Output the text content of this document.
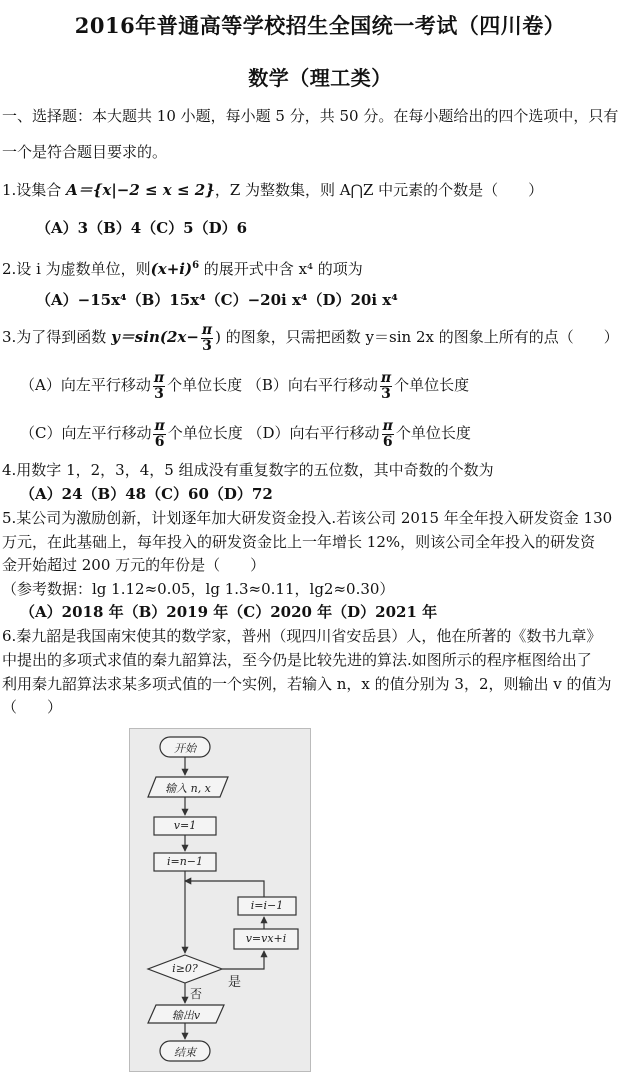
2016年普通高等学校招生全国统一考试（四川卷）
数学（理工类）
一、选择题：本大题共 10 小题，每小题 5 分，共 50 分。在每小题给出的四个选项中，只有
一个是符合题目要求的。
1.设集合 A＝{x|−2 ≤ x ≤ 2}，Z 为整数集，则 A⋂Z 中元素的个数是（　　）
（A）3（B）4（C）5（D）6
2.设 i 为虚数单位，则$(x+i)^6$ 的展开式中含 x⁴ 的项为
（A）−15x⁴（B）15x⁴（C）−20i x⁴（D）20i x⁴
3.为了得到函数 $y=\sin(2x- \frac{\pi}{3}$ ) 的图象，只需把函数 y＝sin 2x 的图象上所有的点（　　）
（A）向左平行移动 $\frac{\pi}{3}$ 个单位长度 （B）向右平行移动 $\frac{\pi}{3}$ 个单位长度
（C）向左平行移动 $\frac{\pi}{6}$ 个单位长度 （D）向右平行移动 $\frac{\pi}{6}$ 个单位长度
4.用数字 1，2，3，4，5 组成没有重复数字的五位数，其中奇数的个数为
（A）24（B）48（C）60（D）72
5.某公司为激励创新，计划逐年加大研发资金投入.若该公司 2015 年全年投入研发资金 130
万元，在此基础上，每年投入的研发资金比上一年增长 12%，则该公司全年投入的研发资
金开始超过 200 万元的年份是（　　）
（参考数据：lg 1.12≈0.05，lg 1.3≈0.11，lg2≈0.30）
（A）2018 年（B）2019 年（C）2020 年（D）2021 年
6.秦九韶是我国南宋使其的数学家，普州（现四川省安岳县）人，他在所著的《数书九章》
中提出的多项式求值的秦九韶算法，至今仍是比较先进的算法.如图所示的程序框图给出了
利用秦九韶算法求某多项式值的一个实例，若输入 n，x 的值分别为 3，2，则输出 v 的值为
（　　）
开始
输入 n, x
v=1
i=n−1
i=i−1
v=vx+i
i≥0?
是
否
输出v
结束
